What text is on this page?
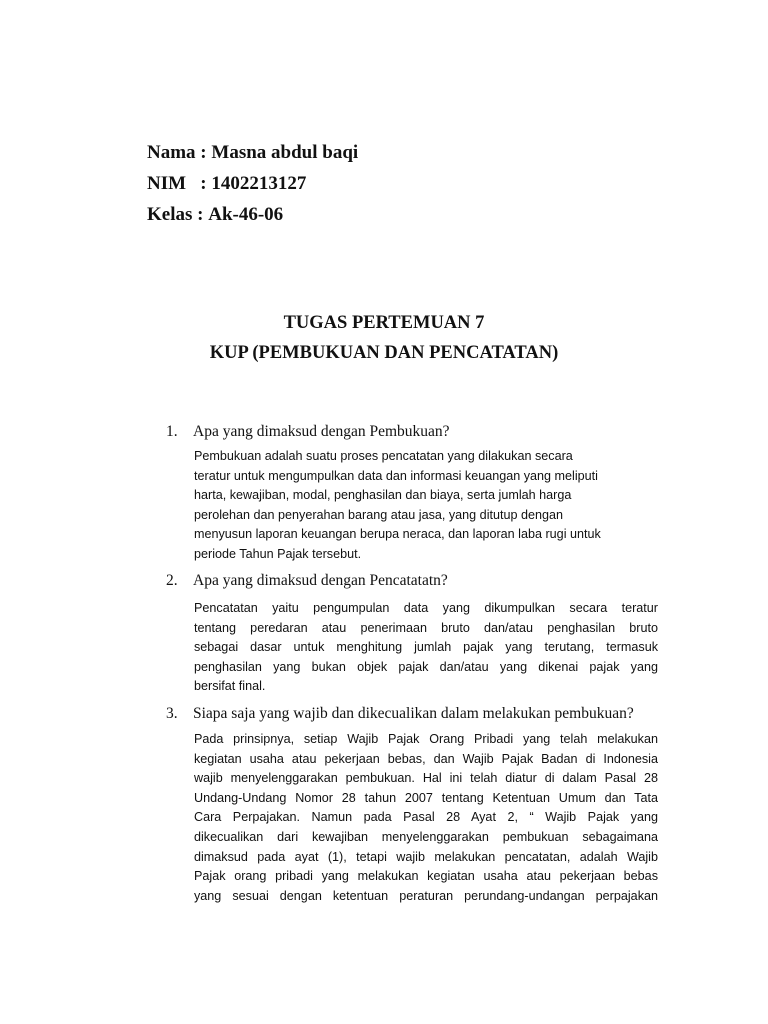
Nama : Masna abdul baqi
NIM   : 1402213127
Kelas : Ak-46-06
TUGAS PERTEMUAN 7
KUP (PEMBUKUAN DAN PENCATATAN)
1. Apa yang dimaksud dengan Pembukuan?
Pembukuan adalah suatu proses pencatatan yang dilakukan secara
teratur untuk mengumpulkan data dan informasi keuangan yang meliputi
harta, kewajiban, modal, penghasilan dan biaya, serta jumlah harga
perolehan dan penyerahan barang atau jasa, yang ditutup dengan
menyusun laporan keuangan berupa neraca, dan laporan laba rugi untuk
periode Tahun Pajak tersebut.
2. Apa yang dimaksud dengan Pencatatatn?
Pencatatan yaitu pengumpulan data yang dikumpulkan secara teratur
tentang peredaran atau penerimaan bruto dan/atau penghasilan bruto
sebagai dasar untuk menghitung jumlah pajak yang terutang, termasuk
penghasilan yang bukan objek pajak dan/atau yang dikenai pajak yang
bersifat final.
3. Siapa saja yang wajib dan dikecualikan dalam melakukan pembukuan?
Pada prinsipnya, setiap Wajib Pajak Orang Pribadi yang telah melakukan
kegiatan usaha atau pekerjaan bebas, dan Wajib Pajak Badan di Indonesia
wajib menyelenggarakan pembukuan. Hal ini telah diatur di dalam Pasal 28
Undang-Undang Nomor 28 tahun 2007 tentang Ketentuan Umum dan Tata
Cara Perpajakan. Namun pada Pasal 28 Ayat 2, “ Wajib Pajak yang
dikecualikan dari kewajiban menyelenggarakan pembukuan sebagaimana
dimaksud pada ayat (1), tetapi wajib melakukan pencatatan, adalah Wajib
Pajak orang pribadi yang melakukan kegiatan usaha atau pekerjaan bebas
yang sesuai dengan ketentuan peraturan perundang-undangan perpajakan
